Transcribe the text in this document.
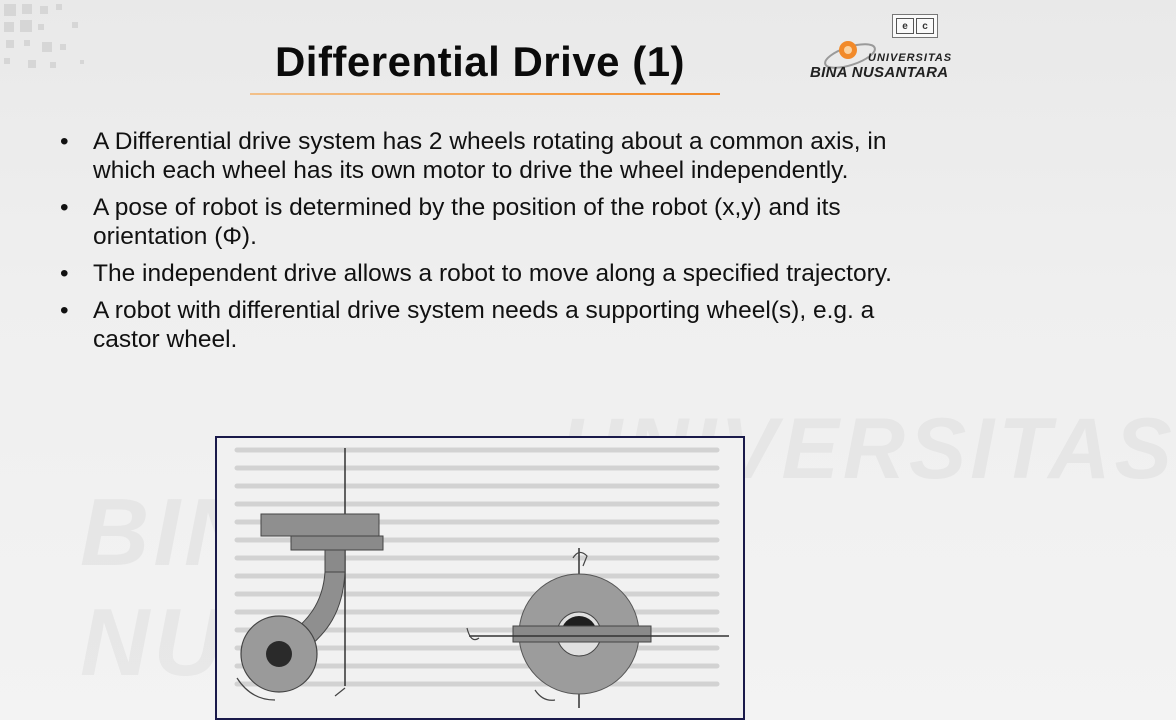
UNIVERSITAS
BINA
Differential Drive (1)
e	c
UNIVERSITAS
BINA NUSANTARA
• A Differential drive system has 2 wheels rotating about a common axis, in which each wheel has its own motor to drive the wheel independently.
• A pose of robot is determined by the position of the robot (x,y) and its orientation (Φ).
• The independent drive allows a robot to move along a specified trajectory.
• A robot with differential drive system needs a supporting wheel(s), e.g. a castor wheel.
